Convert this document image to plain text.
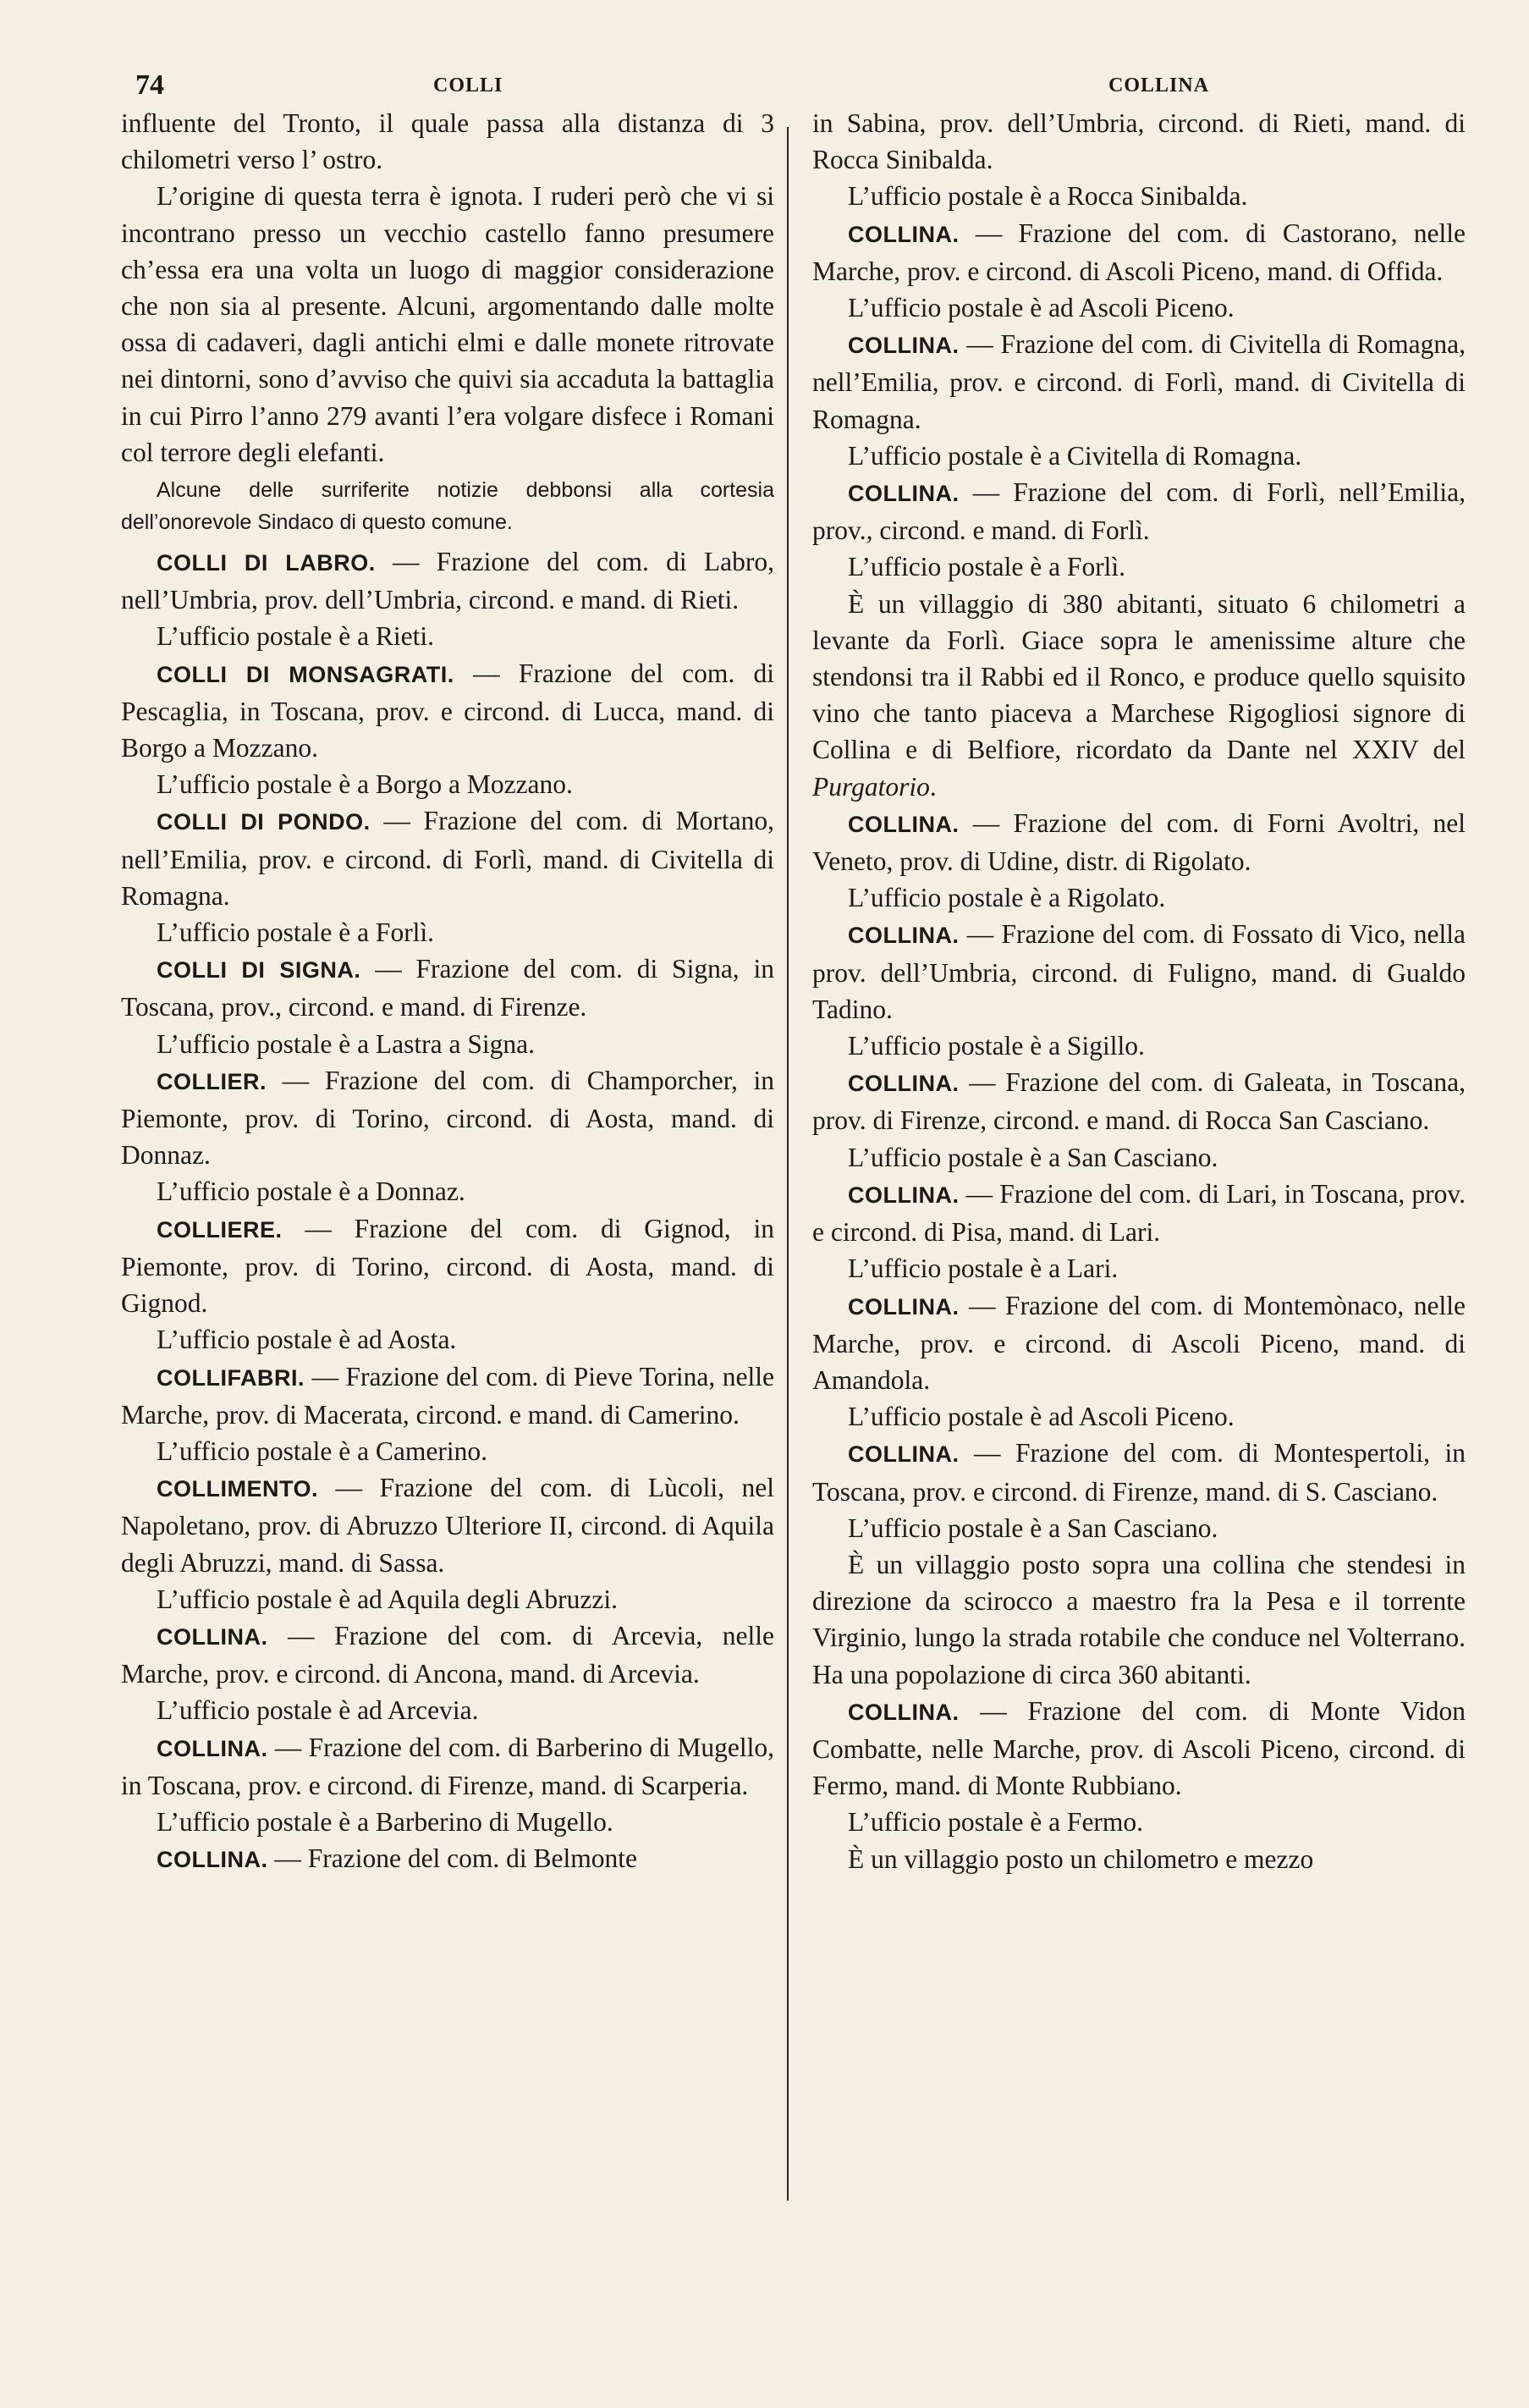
74	COLLI	COLLINA

influente del Tronto, il quale passa alla distanza di 3 chilometri verso l’ ostro.

L’origine di questa terra è ignota. I ruderi però che vi si incontrano presso un vecchio castello fanno presumere ch’essa era una volta un luogo di maggior considerazione che non sia al presente. Alcuni, argomentando dalle molte ossa di cadaveri, dagli antichi elmi e dalle monete ritrovate nei dintorni, sono d’avviso che quivi sia accaduta la battaglia in cui Pirro l’anno 279 avanti l’era volgare disfece i Romani col terrore degli elefanti.

Alcune delle surriferite notizie debbonsi alla cortesia dell’onorevole Sindaco di questo comune.

COLLI DI LABRO. — Frazione del com. di Labro, nell’Umbria, prov. dell’Umbria, circond. e mand. di Rieti.

L’ufficio postale è a Rieti.

COLLI DI MONSAGRATI. — Frazione del com. di Pescaglia, in Toscana, prov. e circond. di Lucca, mand. di Borgo a Mozzano.

L’ufficio postale è a Borgo a Mozzano.

COLLI DI PONDO. — Frazione del com. di Mortano, nell’Emilia, prov. e circond. di Forlì, mand. di Civitella di Romagna.

L’ufficio postale è a Forlì.

COLLI DI SIGNA. — Frazione del com. di Signa, in Toscana, prov., circond. e mand. di Firenze.

L’ufficio postale è a Lastra a Signa.

COLLIER. — Frazione del com. di Champorcher, in Piemonte, prov. di Torino, circond. di Aosta, mand. di Donnaz.

L’ufficio postale è a Donnaz.

COLLIERE. — Frazione del com. di Gignod, in Piemonte, prov. di Torino, circond. di Aosta, mand. di Gignod.

L’ufficio postale è ad Aosta.

COLLIFABRI. — Frazione del com. di Pieve Torina, nelle Marche, prov. di Macerata, circond. e mand. di Camerino.

L’ufficio postale è a Camerino.

COLLIMENTO. — Frazione del com. di Lùcoli, nel Napoletano, prov. di Abruzzo Ulteriore II, circond. di Aquila degli Abruzzi, mand. di Sassa.

L’ufficio postale è ad Aquila degli Abruzzi.

COLLINA. — Frazione del com. di Arcevia, nelle Marche, prov. e circond. di Ancona, mand. di Arcevia.

L’ufficio postale è ad Arcevia.

COLLINA. — Frazione del com. di Barberino di Mugello, in Toscana, prov. e circond. di Firenze, mand. di Scarperia.

L’ufficio postale è a Barberino di Mugello.

COLLINA. — Frazione del com. di Belmonte

in Sabina, prov. dell’Umbria, circond. di Rieti, mand. di Rocca Sinibalda.

L’ufficio postale è a Rocca Sinibalda.

COLLINA. — Frazione del com. di Castorano, nelle Marche, prov. e circond. di Ascoli Piceno, mand. di Offida.

L’ufficio postale è ad Ascoli Piceno.

COLLINA. — Frazione del com. di Civitella di Romagna, nell’Emilia, prov. e circond. di Forlì, mand. di Civitella di Romagna.

L’ufficio postale è a Civitella di Romagna.

COLLINA. — Frazione del com. di Forlì, nell’Emilia, prov., circond. e mand. di Forlì.

L’ufficio postale è a Forlì.

È un villaggio di 380 abitanti, situato 6 chilometri a levante da Forlì. Giace sopra le amenissime alture che stendonsi tra il Rabbi ed il Ronco, e produce quello squisito vino che tanto piaceva a Marchese Rigogliosi signore di Collina e di Belfiore, ricordato da Dante nel XXIV del Purgatorio.

COLLINA. — Frazione del com. di Forni Avoltri, nel Veneto, prov. di Udine, distr. di Rigolato.

L’ufficio postale è a Rigolato.

COLLINA. — Frazione del com. di Fossato di Vico, nella prov. dell’Umbria, circond. di Fuligno, mand. di Gualdo Tadino.

L’ufficio postale è a Sigillo.

COLLINA. — Frazione del com. di Galeata, in Toscana, prov. di Firenze, circond. e mand. di Rocca San Casciano.

L’ufficio postale è a San Casciano.

COLLINA. — Frazione del com. di Lari, in Toscana, prov. e circond. di Pisa, mand. di Lari.

L’ufficio postale è a Lari.

COLLINA. — Frazione del com. di Montemònaco, nelle Marche, prov. e circond. di Ascoli Piceno, mand. di Amandola.

L’ufficio postale è ad Ascoli Piceno.

COLLINA. — Frazione del com. di Montespertoli, in Toscana, prov. e circond. di Firenze, mand. di S. Casciano.

L’ufficio postale è a San Casciano.

È un villaggio posto sopra una collina che stendesi in direzione da scirocco a maestro fra la Pesa e il torrente Virginio, lungo la strada rotabile che conduce nel Volterrano. Ha una popolazione di circa 360 abitanti.

COLLINA. — Frazione del com. di Monte Vidon Combatte, nelle Marche, prov. di Ascoli Piceno, circond. di Fermo, mand. di Monte Rubbiano.

L’ufficio postale è a Fermo.

È un villaggio posto un chilometro e mezzo
